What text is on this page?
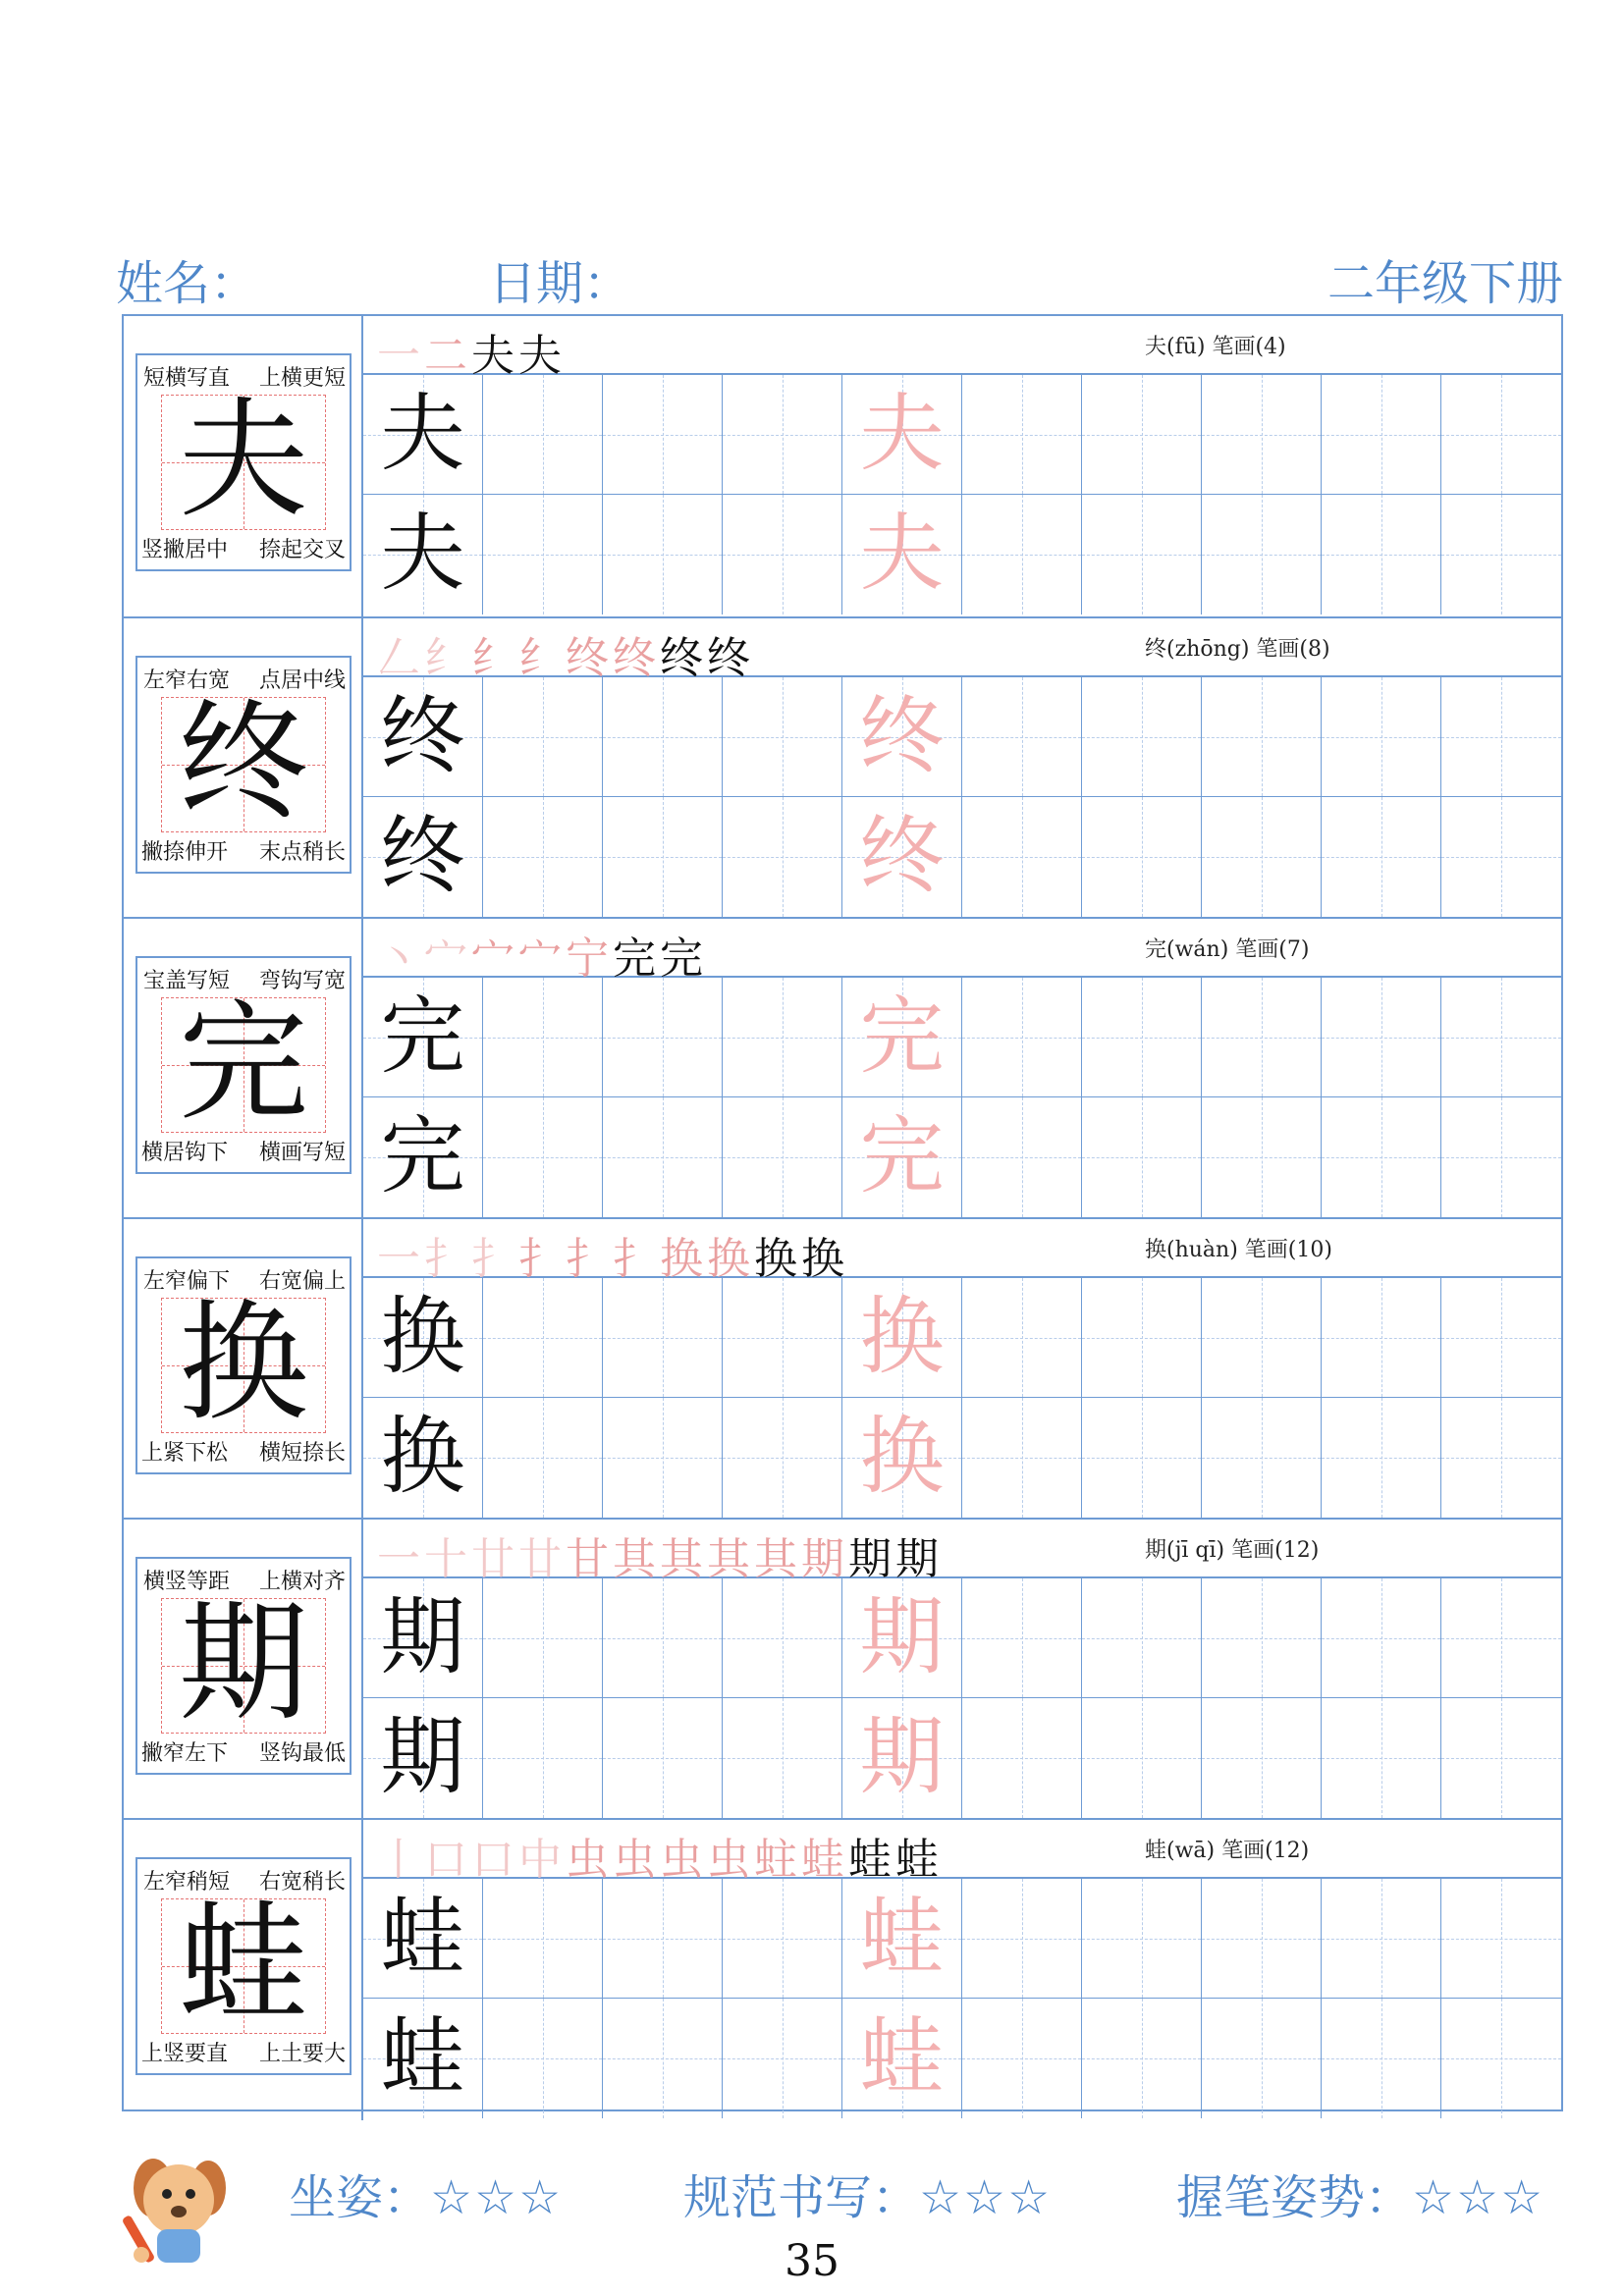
姓名：	日期：	二年级下册
夫
短横写直 上横更短
竖撇居中 捺起交叉
一二夫夫	夫(fū) 笔画(4)
夫	夫
夫	夫
终
左窄右宽 点居中线
撇捺伸开 末点稍长
𠃋纟纟纟终终终终	终(zhōng) 笔画(8)
终	终
终	终
完
宝盖写短 弯钩写宽
横居钩下 横画写短
丶宀宀宀宁完完	完(wán) 笔画(7)
完	完
完	完
换
左窄偏下 右宽偏上
上紧下松 横短捺长
一扌扌扌扌扌换换换换	换(huàn) 笔画(10)
换	换
换	换
期
横竖等距 上横对齐
撇窄左下 竖钩最低
一十廿廿甘其其其其期期期	期(jī qī) 笔画(12)
期	期
期	期
蛙
左窄稍短 右宽稍长
上竖要直 上土要大
丨口口中虫虫虫虫蛀蛙蛙蛙	蛙(wā) 笔画(12)
蛙	蛙
蛙	蛙
坐姿：☆☆☆	规范书写：☆☆☆	握笔姿势：☆☆☆
35
